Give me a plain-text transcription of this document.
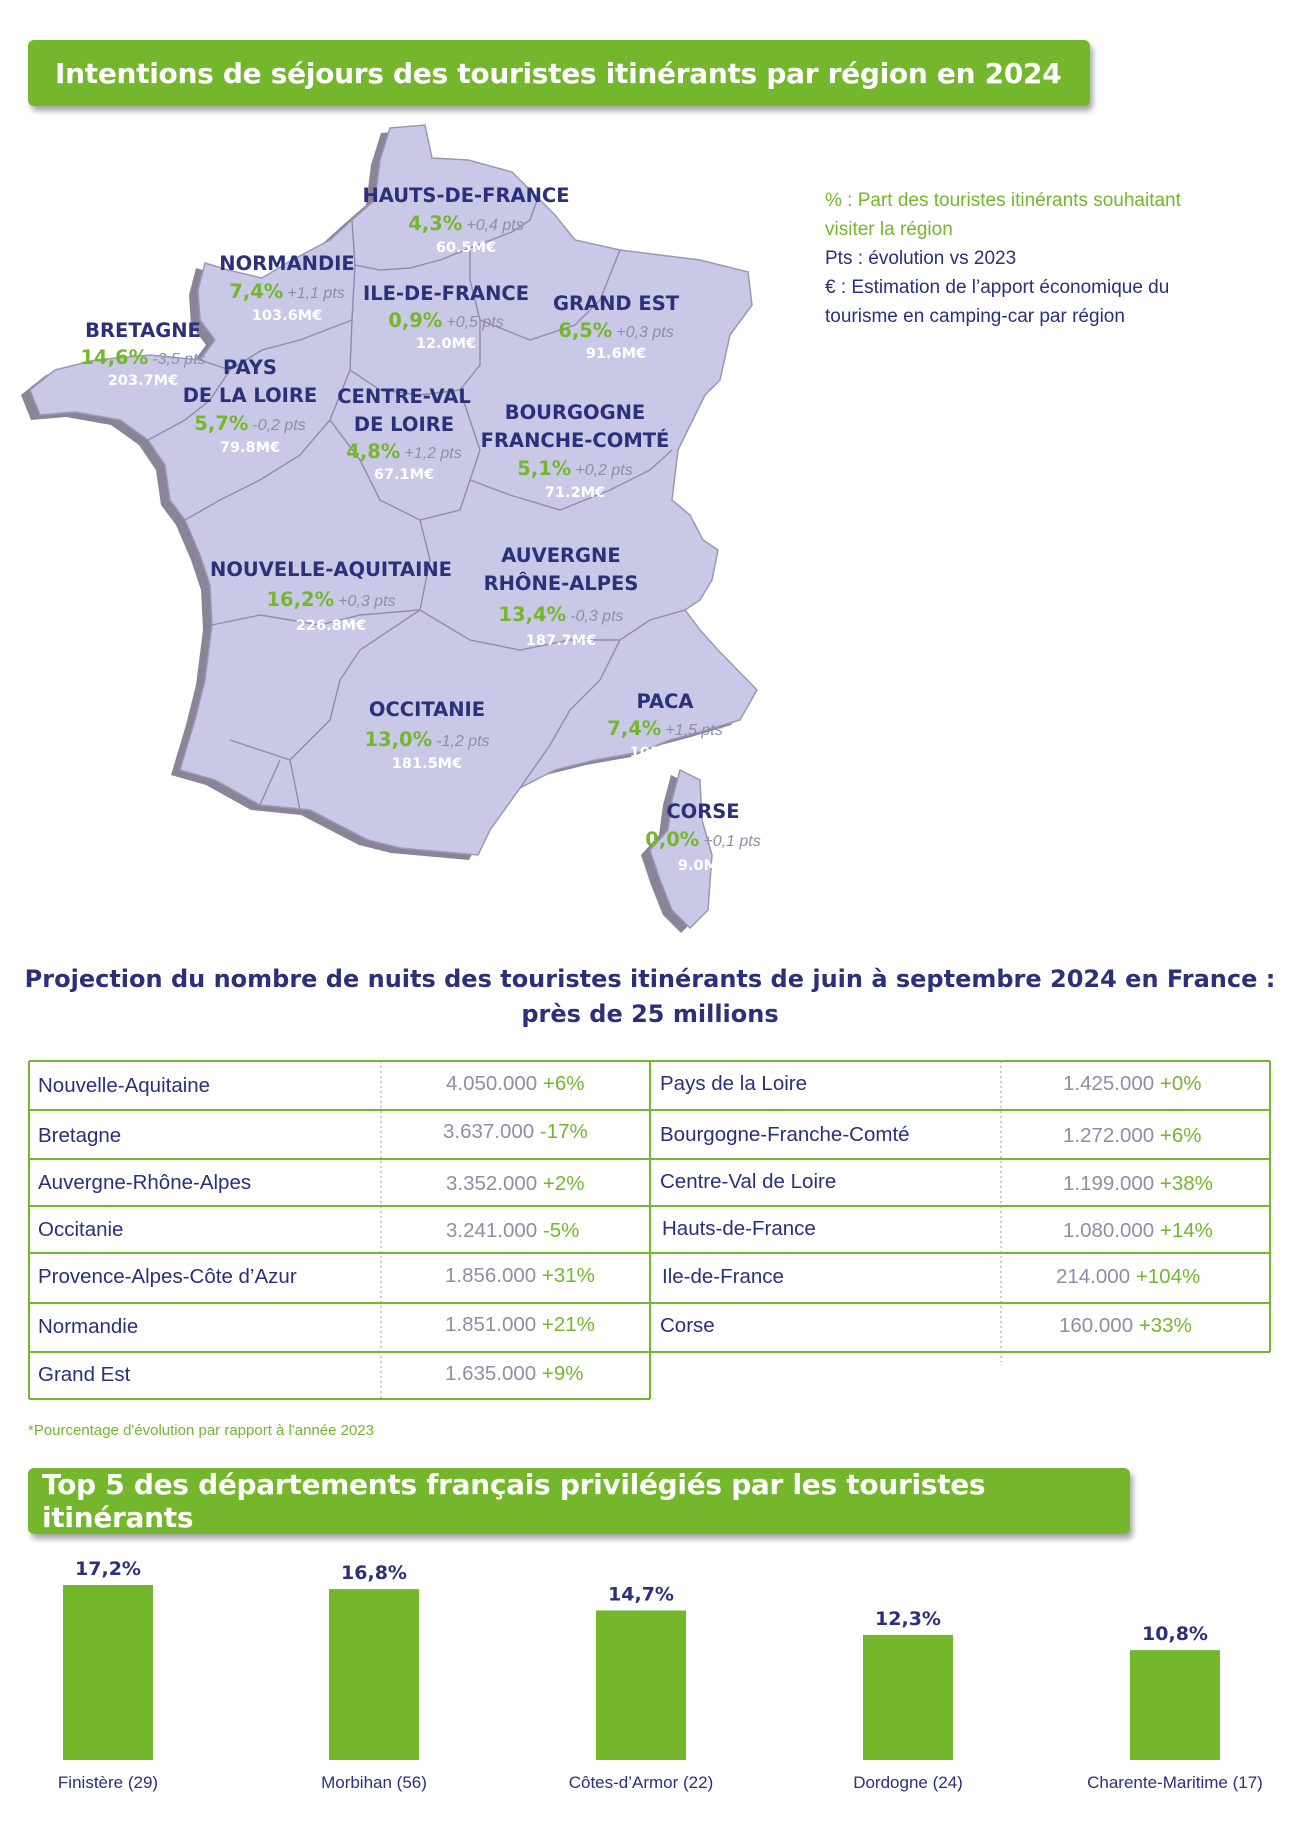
Intentions de séjours des touristes itinérants par région en 2024
HAUTS-DE-FRANCE
4,3% +0,4 pts
60.5M€
NORMANDIE
7,4% +1,1 pts
103.6M€
ILE-DE-FRANCE
0,9% +0,5 pts
12.0M€
GRAND EST
6,5% +0,3 pts
91.6M€
BRETAGNE
14,6% -3,5 pts
203.7M€
PAYS
DE LA LOIRE
5,7% -0,2 pts
79.8M€
CENTRE-VAL
DE LOIRE
4,8% +1,2 pts
67.1M€
BOURGOGNE
FRANCHE-COMTÉ
5,1% +0,2 pts
71.2M€
NOUVELLE-AQUITAINE
16,2% +0,3 pts
226.8M€
AUVERGNE
RHÔNE-ALPES
13,4% -0,3 pts
187.7M€
OCCITANIE
13,0% -1,2 pts
181.5M€
PACA
7,4% +1,5 pts
103.9M€
CORSE
0,0% +0,1 pts
9.0M€
% : Part des touristes itinérants souhaitant
visiter la région
Pts : évolution vs 2023
€ : Estimation de l’apport économique du
tourisme en camping-car par région
Projection du nombre de nuits des touristes itinérants de juin à septembre 2024 en France :
près de 25 millions
Nouvelle-Aquitaine	4.050.000 +6%
Bretagne	3.637.000 -17%
Auvergne-Rhône-Alpes	3.352.000 +2%
Occitanie	3.241.000 -5%
Provence-Alpes-Côte d’Azur	1.856.000 +31%
Normandie	1.851.000 +21%
Grand Est	1.635.000 +9%
Pays de la Loire	1.425.000 +0%
Bourgogne-Franche-Comté	1.272.000 +6%
Centre-Val de Loire	1.199.000 +38%
Hauts-de-France	1.080.000 +14%
Ile-de-France	214.000 +104%
Corse	160.000 +33%
*Pourcentage d'évolution par rapport à l'année 2023
Top 5 des départements français privilégiés par les touristes itinérants
17,2%
Finistère (29)
16,8%
Morbihan (56)
14,7%
Côtes-d’Armor (22)
12,3%
Dordogne (24)
10,8%
Charente-Maritime (17)
